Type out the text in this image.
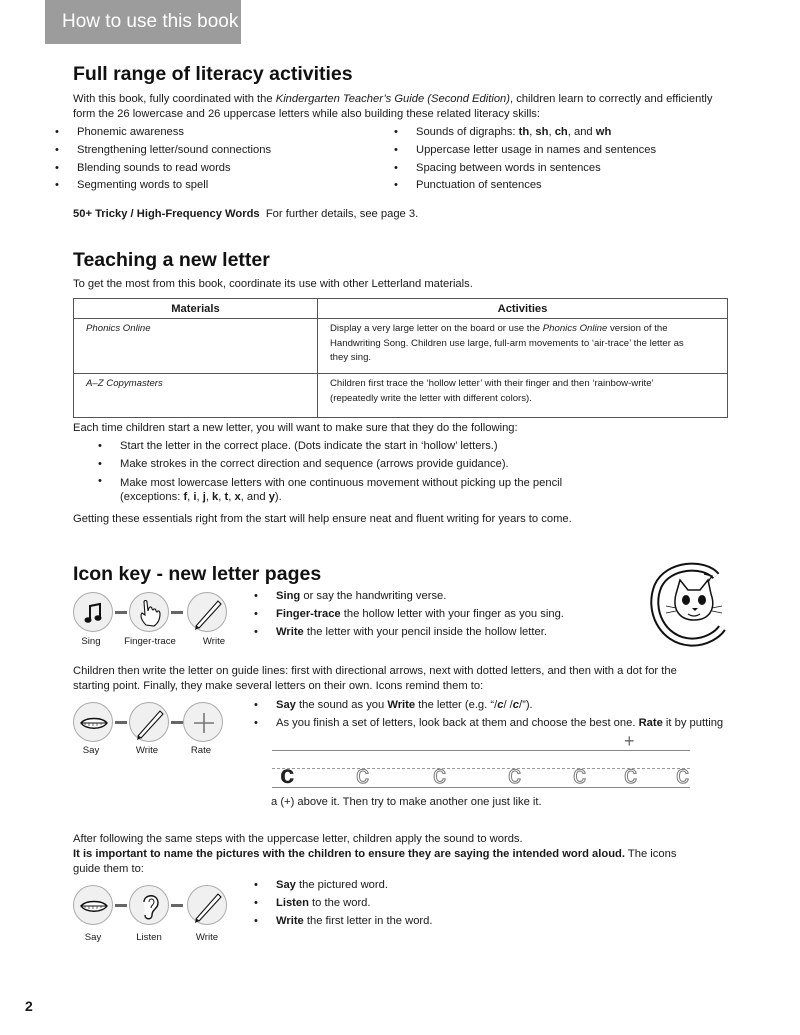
How to use this book
Full range of literacy activities
With this book, fully coordinated with the Kindergarten Teacher’s Guide (Second Edition), children learn to correctly and efficiently
form the 26 lowercase and 26 uppercase letters while also building these related literacy skills:
• Phonemic awareness
• Strengthening letter/sound connections
• Blending sounds to read words
• Segmenting words to spell
• Sounds of digraphs: th, sh, ch, and wh
• Uppercase letter usage in names and sentences
• Spacing between words in sentences
• Punctuation of sentences
50+ Tricky / High-Frequency Words For further details, see page 3.
Teaching a new letter
To get the most from this book, coordinate its use with other Letterland materials.
Materials	Activities
Phonics Online	Display a very large letter on the board or use the Phonics Online version of the
Handwriting Song. Children use large, full-arm movements to ‘air-trace’ the letter as
they sing.
A–Z Copymasters	Children first trace the ‘hollow letter’ with their finger and then ‘rainbow-write’
(repeatedly write the letter with different colors).
Each time children start a new letter, you will want to make sure that they do the following:
• Start the letter in the correct place. (Dots indicate the start in ‘hollow’ letters.)
• Make strokes in the correct direction and sequence (arrows provide guidance).
• Make most lowercase letters with one continuous movement without picking up the pencil
(exceptions: f, i, j, k, t, x, and y).
Getting these essentials right from the start will help ensure neat and fluent writing for years to come.
Icon key - new letter pages
Sing	Finger-trace	Write
• Sing or say the handwriting verse.
• Finger-trace the hollow letter with your finger as you sing.
• Write the letter with your pencil inside the hollow letter.
Children then write the letter on guide lines: first with directional arrows, next with dotted letters, and then with a dot for the
starting point. Finally, they make several letters on their own. Icons remind them to:
Say	Write	Rate
• Say the sound as you Write the letter (e.g. “/c/ /c/”).
• As you finish a set of letters, look back at them and choose the best one. Rate it by putting
+
c c c c c c c
a (+) above it. Then try to make another one just like it.
After following the same steps with the uppercase letter, children apply the sound to words.
It is important to name the pictures with the children to ensure they are saying the intended word aloud. The icons
guide them to:
Say	Listen	Write
• Say the pictured word.
• Listen to the word.
• Write the first letter in the word.
2
